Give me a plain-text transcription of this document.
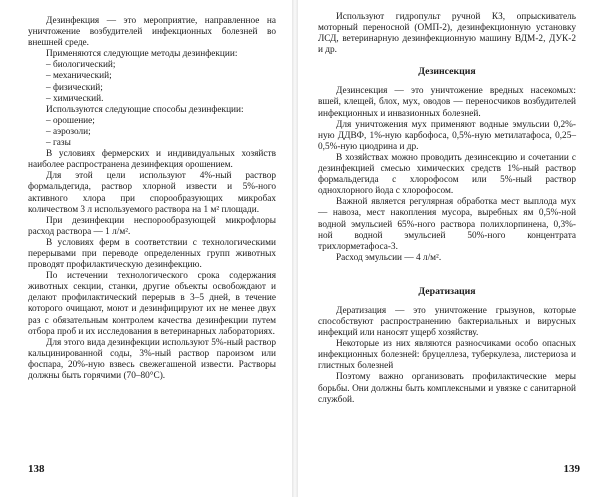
Дезинфекция — это мероприятие, направленное на уничтожение возбудителей инфекционных болезней во внешней среде.

Применяются следующие методы дезинфекции:

– биологический;

– механический;

– физический;

– химический.

Используются следующие способы дезинфекции:

– орошение;

– аэрозоли;

– газы

В условиях фермерских и индивидуальных хозяйств наиболее распространена дезинфекция орошением.

Для этой цели используют 4%-ный раствор формальдегида, раствор хлорной извести и 5%-ного активного хлора при спорообразующих микробах количеством 3 л используемого раствора на 1 м² площади.

При дезинфекции неспорообразующей микрофлоры расход раствора — 1 л/м².

В условиях ферм в соответствии с технологическими перерывами при переводе определенных групп животных проводят профилактическую дезинфекцию.

По истечении технологического срока содержания животных секции, станки, другие объекты освобождают и делают профилактический перерыв в 3–5 дней, в течение которого очищают, моют и дезинфицируют их не менее двух раз с обязательным контролем качества дезинфекции путем отбора проб и их исследования в ветеринарных лабораториях.

Для этого вида дезинфекции используют 5%-ный раствор кальцинированной соды, 3%-ный раствор пароизом или фоспара, 20%-ную взвесь свежегашеной извести. Растворы должны быть горячими (70–80°С).

138

Используют гидропульт ручной КЗ, опрыскиватель моторный переносной (ОМП-2), дезинфекционную установку ЛСД, ветеринарную дезинфекционную машину ВДМ-2, ДУК-2 и др.

Дезинсекция

Дезинсекция — это уничтожение вредных насекомых: вшей, клещей, блох, мух, оводов — переносчиков возбудителей инфекционных и инвазионных болезней.

Для уничтожения мух применяют водные эмульсии 0,2%-ную ДДВФ, 1%-ную карбофоса, 0,5%-ную метилатафоса, 0,25–0,5%-ную циодрина и др.

В хозяйствах можно проводить дезинсекцию и сочетании с дезинфекцией смесью химических средств 1%-ный раствор формальдегида с хлорофосом или 5%-ный раствор однохлорного йода с хлорофосом.

Важной является регулярная обработка мест выплода мух — навоза, мест накопления мусора, выребных ям 0,5%-ной водной эмульсией 65%-ного раствора полихлорпинена, 0,3%-ной водной эмульсией 50%-ного концентрата трихлорметафоса-3.

Расход эмульсии — 4 л/м².

Дератизация

Дератизация — это уничтожение грызунов, которые способствуют распространению бактериальных и вирусных инфекций или наносят ущерб хозяйству.

Некоторые из них являются разносчиками особо опасных инфекционных болезней: бруцеллеза, туберкулеза, листериоза и глистных болезней

Поэтому важно организовать профилактические меры борьбы. Они должны быть комплексными и увязке с санитарной службой.

139
